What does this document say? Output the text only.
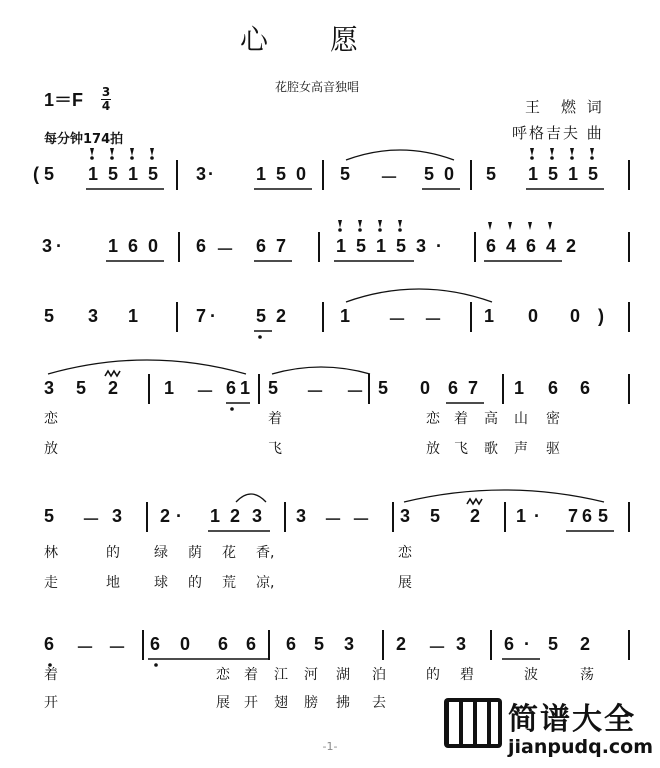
心愿
花腔女高音独唱
1＝F 3
4
每分钟174拍
王　燃 词
呼格吉夫 曲
( 5 1 5 1 5 3 · 1 5 0 5 － 5 0 5 1 5 1 5
3 ·	1 6 0 6 － 6 7	1 5 1 5 3 · 6 4 6 4 2
5 3 1	7 · 5 2	1 － － 1 0 0 )
3 5 2	1 － 6 1 5 － － 5 0 6 7 1 6 6
恋	着	恋 着 高 山 密
放	飞	放 飞 歌 声 驱
5 － 3 2 · 1 2 3 3 － － 3 5 2 1 · 7 6 5
林	的 绿 荫 花 香,	恋
走	地 球 的 荒 凉,	展
6 － － 6 0 6 6 6 5 3 2 － 3 6 · 5 2
着	恋 着 江 河 湖 泊	的 碧	波	荡
开	展 开 翅 膀 拂 去
-1-
简谱大全
jianpudq.com
